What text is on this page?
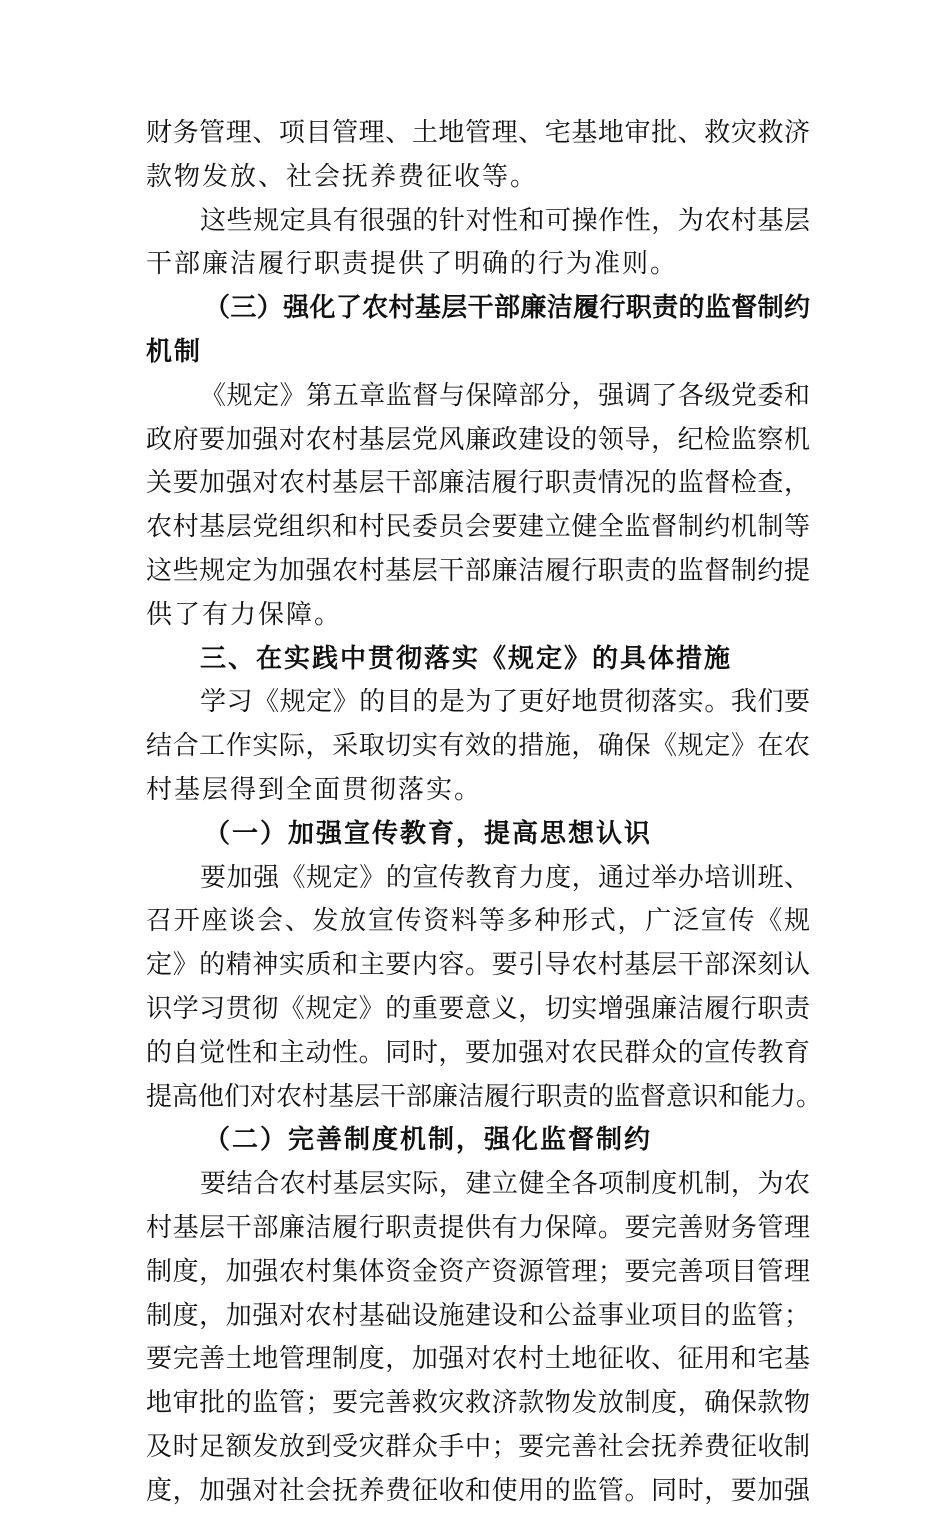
财务管理、项目管理、土地管理、宅基地审批、救灾救济
款物发放、社会抚养费征收等。
这些规定具有很强的针对性和可操作性，为农村基层
干部廉洁履行职责提供了明确的行为准则。
（三）强化了农村基层干部廉洁履行职责的监督制约
机制
《规定》第五章监督与保障部分，强调了各级党委和
政府要加强对农村基层党风廉政建设的领导，纪检监察机
关要加强对农村基层干部廉洁履行职责情况的监督检查，
农村基层党组织和村民委员会要建立健全监督制约机制等
这些规定为加强农村基层干部廉洁履行职责的监督制约提
供了有力保障。
三、在实践中贯彻落实《规定》的具体措施
学习《规定》的目的是为了更好地贯彻落实。我们要
结合工作实际，采取切实有效的措施，确保《规定》在农
村基层得到全面贯彻落实。
（一）加强宣传教育，提高思想认识
要加强《规定》的宣传教育力度，通过举办培训班、
召开座谈会、发放宣传资料等多种形式，广泛宣传《规
定》的精神实质和主要内容。要引导农村基层干部深刻认
识学习贯彻《规定》的重要意义，切实增强廉洁履行职责
的自觉性和主动性。同时，要加强对农民群众的宣传教育
提高他们对农村基层干部廉洁履行职责的监督意识和能力。
（二）完善制度机制，强化监督制约
要结合农村基层实际，建立健全各项制度机制，为农
村基层干部廉洁履行职责提供有力保障。要完善财务管理
制度，加强农村集体资金资产资源管理；要完善项目管理
制度，加强对农村基础设施建设和公益事业项目的监管；
要完善土地管理制度，加强对农村土地征收、征用和宅基
地审批的监管；要完善救灾救济款物发放制度，确保款物
及时足额发放到受灾群众手中；要完善社会抚养费征收制
度，加强对社会抚养费征收和使用的监管。同时，要加强
